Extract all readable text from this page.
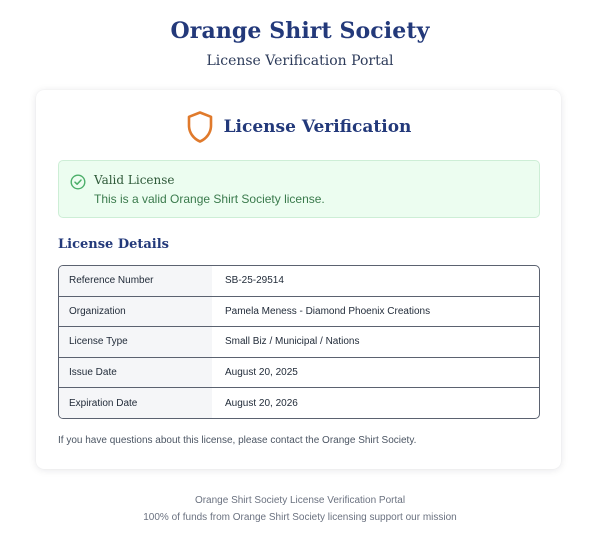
Orange Shirt Society

License Verification Portal

License Verification
Valid License
This is a valid Orange Shirt Society license.
License Details
Reference Number	SB-25-29514
Organization	Pamela Meness - Diamond Phoenix Creations
License Type	Small Biz / Municipal / Nations
Issue Date	August 20, 2025
Expiration Date	August 20, 2026

If you have questions about this license, please contact the Orange Shirt Society.

Orange Shirt Society License Verification Portal
100% of funds from Orange Shirt Society licensing support our mission
